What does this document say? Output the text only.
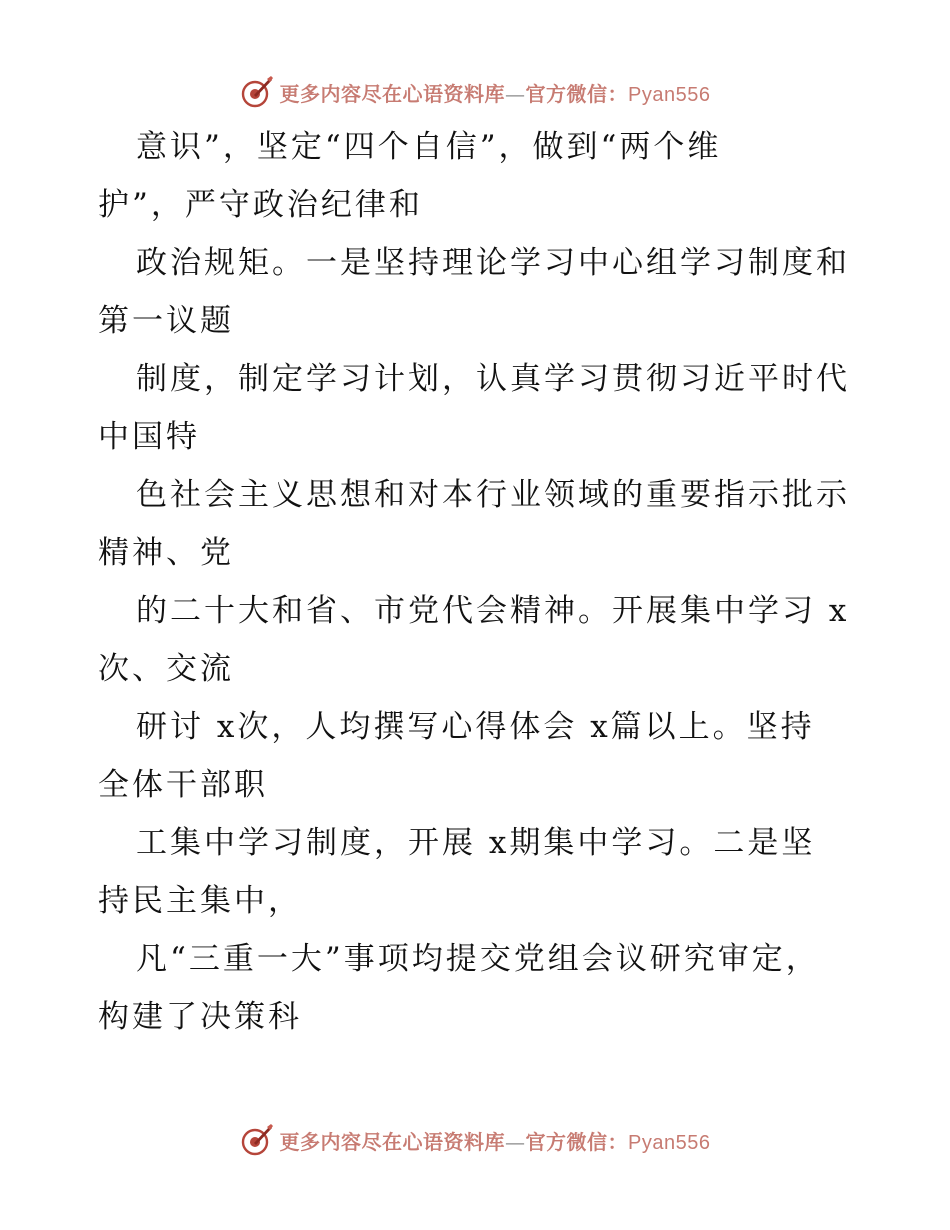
更多内容尽在心语资料库—官方微信：Pyan556
意识”，坚定“四个自信”，做到“两个维
护”，严守政治纪律和
政治规矩。一是坚持理论学习中心组学习制度和
第一议题
制度，制定学习计划，认真学习贯彻习近平时代
中国特
色社会主义思想和对本行业领域的重要指示批示
精神、党
的二十大和省、市党代会精神。开展集中学习 x
次、交流
研讨 x次，人均撰写心得体会 x篇以上。坚持
全体干部职
工集中学习制度，开展 x期集中学习。二是坚
持民主集中，
凡“三重一大”事项均提交党组会议研究审定，
构建了决策科
更多内容尽在心语资料库—官方微信：Pyan556
